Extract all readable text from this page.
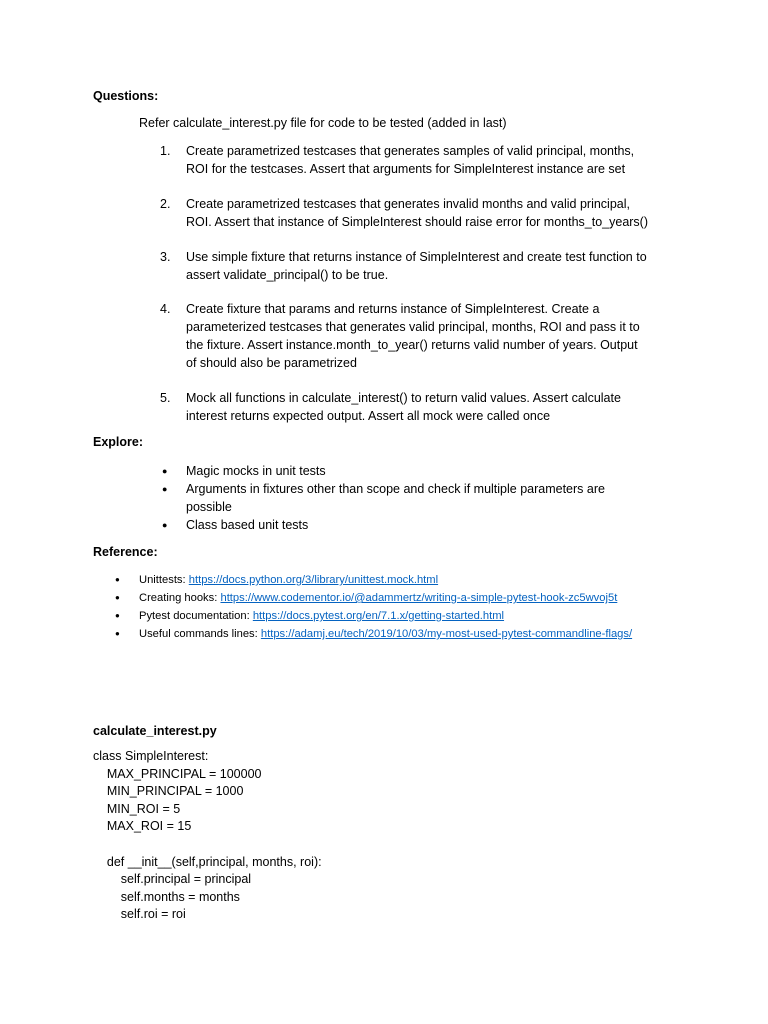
Questions:
Refer calculate_interest.py file for code to be tested (added in last)
1. Create parametrized testcases that generates samples of valid principal, months,
ROI for the testcases. Assert that arguments for SimpleInterest instance are set
2. Create parametrized testcases that generates invalid months and valid principal,
ROI. Assert that instance of SimpleInterest should raise error for months_to_years()
3. Use simple fixture that returns instance of SimpleInterest and create test function to
assert validate_principal() to be true.
4. Create fixture that params and returns instance of SimpleInterest. Create a
parameterized testcases that generates valid principal, months, ROI and pass it to
the fixture. Assert instance.month_to_year() returns valid number of years. Output
of should also be parametrized
5. Mock all functions in calculate_interest() to return valid values. Assert calculate
interest returns expected output. Assert all mock were called once
Explore:
● Magic mocks in unit tests
● Arguments in fixtures other than scope and check if multiple parameters are
possible
● Class based unit tests
Reference:
● Unittests: https://docs.python.org/3/library/unittest.mock.html
● Creating hooks: https://www.codementor.io/@adammertz/writing-a-simple-pytest-hook-zc5wvoj5t
● Pytest documentation: https://docs.pytest.org/en/7.1.x/getting-started.html
● Useful commands lines: https://adamj.eu/tech/2019/10/03/my-most-used-pytest-commandline-flags/
calculate_interest.py
class SimpleInterest:
MAX_PRINCIPAL = 100000
MIN_PRINCIPAL = 1000
MIN_ROI = 5
MAX_ROI = 15
def __init__(self,principal, months, roi):
self.principal = principal
self.months = months
self.roi = roi
